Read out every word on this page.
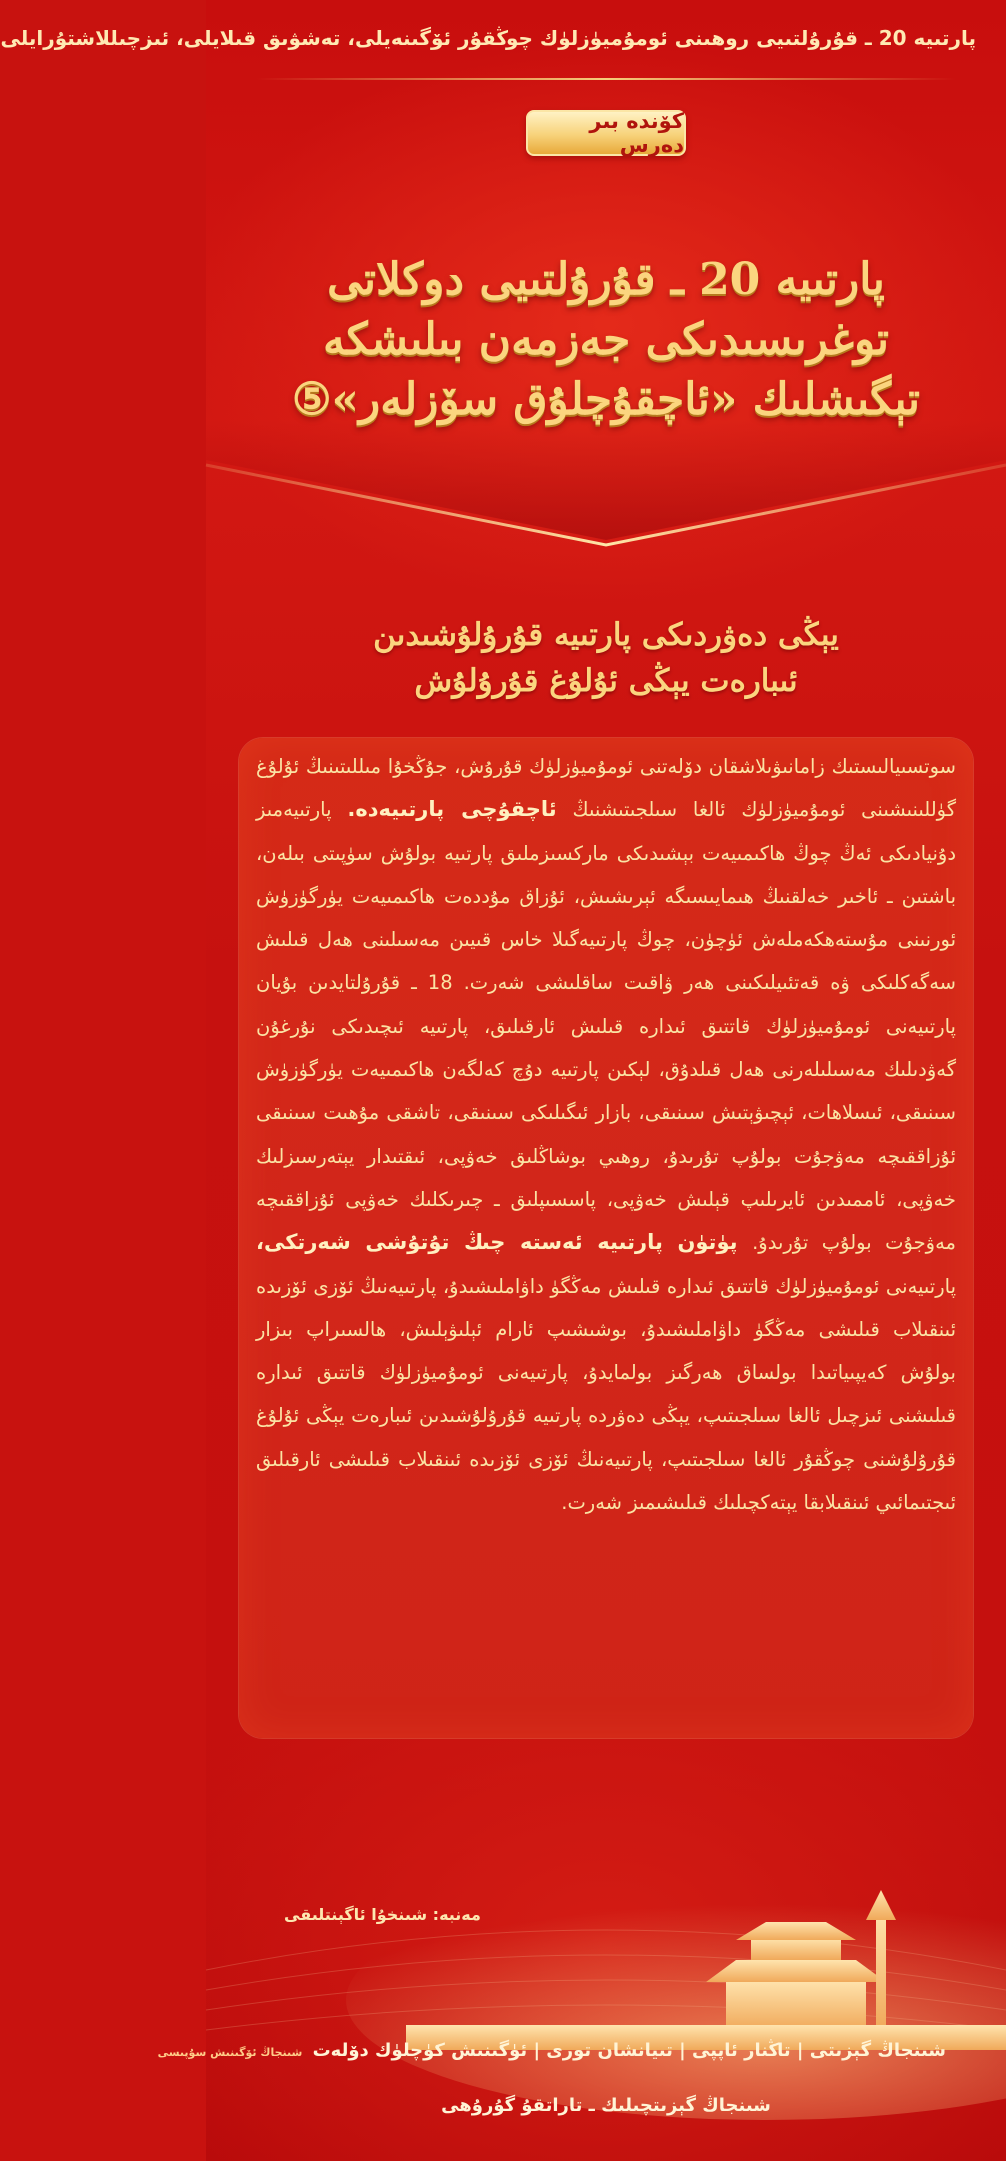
پارتىيە 20 ـ قۇرۇلتىيى روھىنى ئومۇميۈزلۈك چوڭقۇر ئۆگىنەيلى، تەشۋىق قىلايلى، ئىزچىللاشتۇرايلى
كۆندە بىر دەرس
پارتىيە 20 ـ قۇرۇلتىيى دوكلاتى
توغرىسىدىكى جەزمەن بىلىشكە
تېگىشلىك «ئاچقۇچلۇق سۆزلەر»⑤
يېڭى دەۋردىكى پارتىيە قۇرۇلۇشىدىن
ئىبارەت يېڭى ئۇلۇغ قۇرۇلۇش
سوتسىيالىستىك زامانىۋىلاشقان دۆلەتنى ئومۇميۈزلۈك قۇرۇش، جۇڭخۇا مىللىتىنىڭ ئۇلۇغ گۈللىنىشىنى ئومۇميۈزلۈك ئالغا سىلجىتىشنىڭ ئاچقۇچى پارتىيەدە. پارتىيەمىز دۇنيادىكى ئەڭ چوڭ ھاكىمىيەت بېشىدىكى ماركسىزملىق پارتىيە بولۇش سۈپىتى بىلەن، باشتىن ـ ئاخىر خەلقنىڭ ھىمايىسىگە ئېرىشىش، ئۇزاق مۇددەت ھاكىمىيەت يۈرگۈزۈش ئورنىنى مۇستەھكەملەش ئۈچۈن، چوڭ پارتىيەگىلا خاس قىيىن مەسىلىنى ھەل قىلىش سەگەكلىكى ۋە قەتئىيلىكىنى ھەر ۋاقىت ساقلىشى شەرت. 18 ـ قۇرۇلتايدىن بۇيان پارتىيەنى ئومۇميۈزلۈك قاتتىق ئىدارە قىلىش ئارقىلىق، پارتىيە ئىچىدىكى نۇرغۇن گەۋدىلىك مەسىلىلەرنى ھەل قىلدۇق، لېكىن پارتىيە دۇچ كەلگەن ھاكىمىيەت يۈرگۈزۈش سىنىقى، ئىسلاھات، ئېچىۋېتىش سىنىقى، بازار ئىگىلىكى سىنىقى، تاشقى مۇھىت سىنىقى ئۇزاققىچە مەۋجۇت بولۇپ تۇرىدۇ، روھىي بوشاڭلىق خەۋپى، ئىقتىدار يېتەرسىزلىك خەۋپى، ئاممىدىن ئايرىلىپ قېلىش خەۋپى، پاسسىپلىق ـ چىرىكلىك خەۋپى ئۇزاققىچە مەۋجۇت بولۇپ تۇرىدۇ. پۈتۈن پارتىيە ئەستە چىڭ تۇتۇشى شەرتكى، پارتىيەنى ئومۇميۈزلۈك قاتتىق ئىدارە قىلىش مەڭگۈ داۋاملىشىدۇ، پارتىيەنىڭ ئۆزى ئۆزىدە ئىنقىلاب قىلىشى مەڭگۈ داۋاملىشىدۇ، بوشىشىپ ئارام ئېلىۋېلىش، ھالسىراپ بىزار بولۇش كەيپىياتىدا بولساق ھەرگىز بولمايدۇ، پارتىيەنى ئومۇميۈزلۈك قاتتىق ئىدارە قىلىشنى ئىزچىل ئالغا سىلجىتىپ، يېڭى دەۋردە پارتىيە قۇرۇلۇشىدىن ئىبارەت يېڭى ئۇلۇغ قۇرۇلۇشنى چوڭقۇر ئالغا سىلجىتىپ، پارتىيەنىڭ ئۆزى ئۆزىدە ئىنقىلاب قىلىشى ئارقىلىق ئىجتىمائىي ئىنقىلابقا يېتەكچىلىك قىلىشىمىز شەرت.
مەنبە: شىنخۇا ئاگېنتلىقى
شىنجاڭ گېزىتى | تاڭنار ئاپپى | تىيانشان تورى | ئۈگىنىش كۈچلۈك دۆلەت شىنجاڭ ئۆگىنىش سۇپىسى
شىنجاڭ گېزىتچىلىك ـ تاراتقۇ گۇرۇھى
